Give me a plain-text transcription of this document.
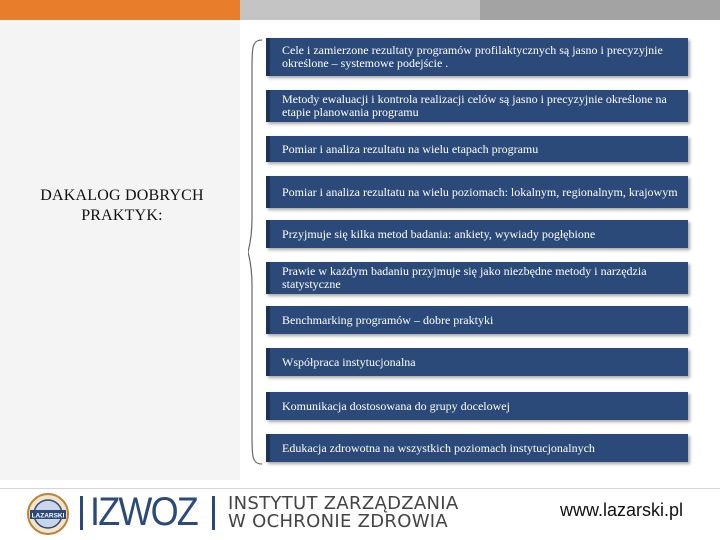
DAKALOG DOBRYCH
PRAKTYK:
Cele i zamierzone rezultaty programów profilaktycznych są jasno i precyzyjnie określone – systemowe podejście .
Metody ewaluacji i kontrola realizacji celów są jasno i precyzyjnie określone na etapie planowania programu
Pomiar i analiza rezultatu na wielu etapach programu
Pomiar i analiza rezultatu na wielu poziomach: lokalnym, regionalnym, krajowym
Przyjmuje się kilka metod badania: ankiety, wywiady pogłębione
Prawie w każdym badaniu przyjmuje się jako niezbędne metody i narzędzia statystyczne
Benchmarking programów – dobre praktyki
Współpraca instytucjonalna
Komunikacja dostosowana do grupy docelowej
Edukacja zdrowotna na wszystkich poziomach instytucjonalnych
LAZARSKI IZWOZ INSTYTUT ZARZĄDZANIA
W OCHRONIE ZDROWIA
www.lazarski.pl
